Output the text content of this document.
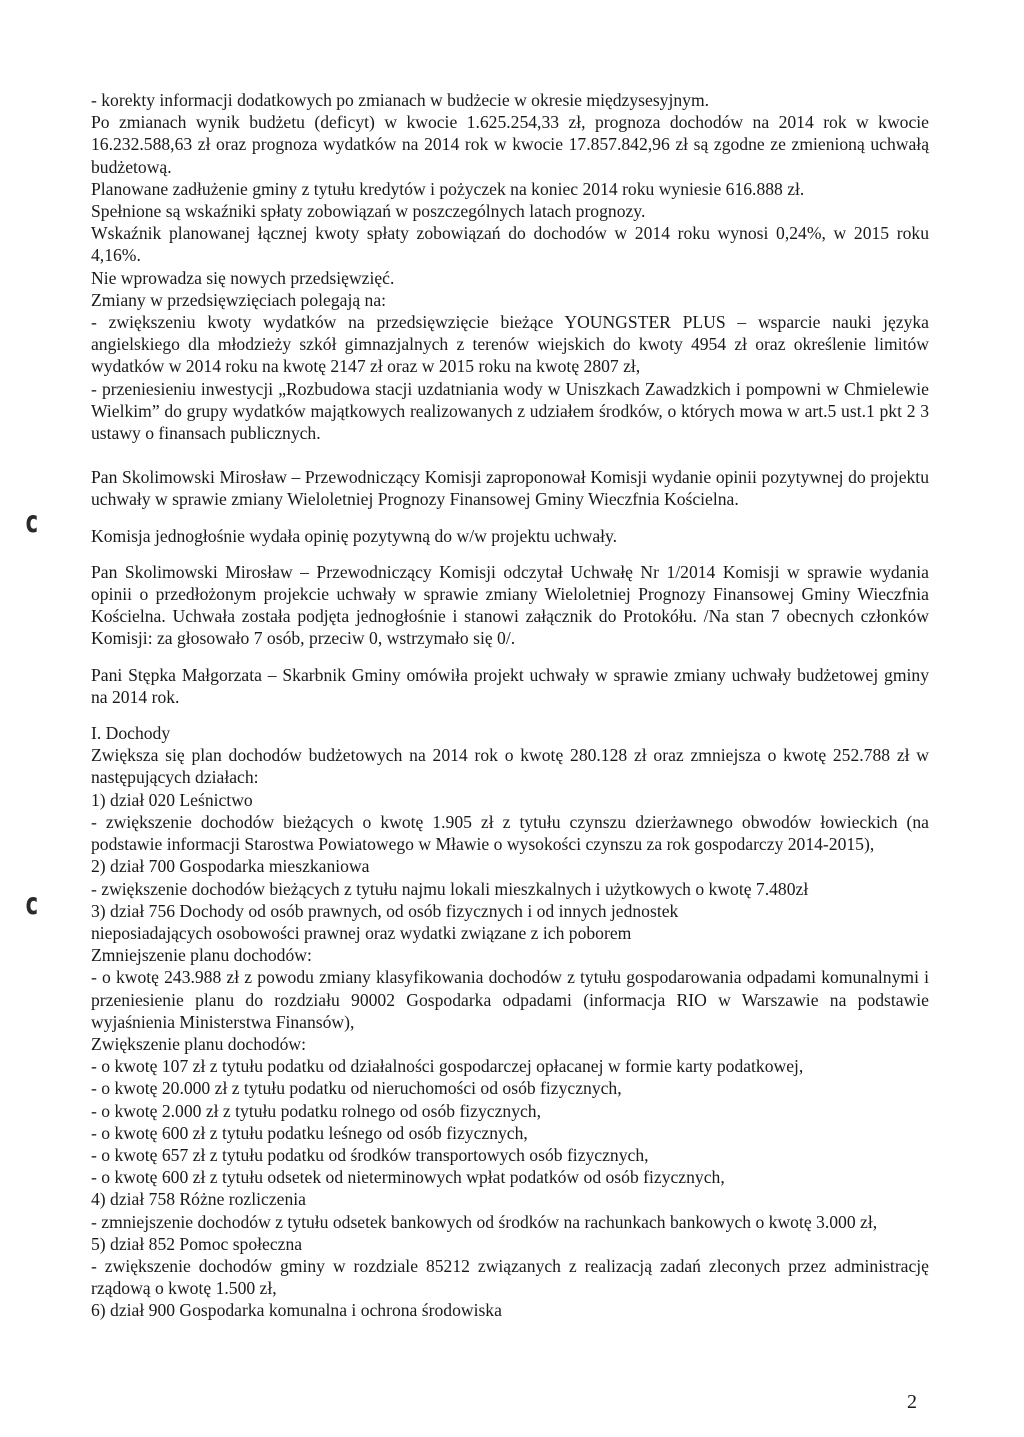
c
c

- korekty informacji dodatkowych po zmianach w budżecie w okresie międzysesyjnym.

Po zmianach wynik budżetu (deficyt) w kwocie 1.625.254,33 zł, prognoza dochodów na 2014 rok w kwocie 16.232.588,63 zł oraz prognoza wydatków na 2014 rok w kwocie 17.857.842,96 zł są zgodne ze zmienioną uchwałą budżetową.

Planowane zadłużenie gminy z tytułu kredytów i pożyczek na koniec 2014 roku wyniesie 616.888 zł.

Spełnione są wskaźniki spłaty zobowiązań w poszczególnych latach prognozy.

Wskaźnik planowanej łącznej kwoty spłaty zobowiązań do dochodów w 2014 roku wynosi 0,24%, w 2015 roku 4,16%.

Nie wprowadza się nowych przedsięwzięć.

Zmiany w przedsięwzięciach polegają na:

- zwiększeniu kwoty wydatków na przedsięwzięcie bieżące YOUNGSTER PLUS – wsparcie nauki języka angielskiego dla młodzieży szkół gimnazjalnych z terenów wiejskich do kwoty 4954 zł oraz określenie limitów wydatków w 2014 roku na kwotę 2147 zł oraz w 2015 roku na kwotę 2807 zł,

- przeniesieniu inwestycji „Rozbudowa stacji uzdatniania wody w Uniszkach Zawadzkich i pompowni w Chmielewie Wielkim” do grupy wydatków majątkowych realizowanych z udziałem środków, o których mowa w art.5 ust.1 pkt 2 3 ustawy o finansach publicznych.

Pan Skolimowski Mirosław – Przewodniczący Komisji zaproponował Komisji wydanie opinii pozytywnej do projektu uchwały w sprawie zmiany Wieloletniej Prognozy Finansowej Gminy Wieczfnia Kościelna.

Komisja jednogłośnie wydała opinię pozytywną do w/w projektu uchwały.

Pan Skolimowski Mirosław – Przewodniczący Komisji odczytał Uchwałę Nr 1/2014 Komisji w sprawie wydania opinii o przedłożonym projekcie uchwały w sprawie zmiany Wieloletniej Prognozy Finansowej Gminy Wieczfnia Kościelna. Uchwała została podjęta jednogłośnie i stanowi załącznik do Protokółu. /Na stan 7 obecnych członków Komisji: za głosowało 7 osób, przeciw 0, wstrzymało się 0/.

Pani Stępka Małgorzata – Skarbnik Gminy omówiła projekt uchwały w sprawie zmiany uchwały budżetowej gminy na 2014 rok.

I. Dochody

Zwiększa się plan dochodów budżetowych na 2014 rok o kwotę 280.128 zł oraz zmniejsza o kwotę 252.788 zł w następujących działach:

1) dział 020 Leśnictwo

- zwiększenie dochodów bieżących o kwotę 1.905 zł z tytułu czynszu dzierżawnego obwodów łowieckich (na podstawie informacji Starostwa Powiatowego w Mławie o wysokości czynszu za rok gospodarczy 2014-2015),

2) dział 700 Gospodarka mieszkaniowa

- zwiększenie dochodów bieżących z tytułu najmu lokali mieszkalnych i użytkowych o kwotę 7.480zł

3) dział 756 Dochody od osób prawnych, od osób fizycznych i od innych jednostek

nieposiadających osobowości prawnej oraz wydatki związane z ich poborem

Zmniejszenie planu dochodów:

- o kwotę 243.988 zł z powodu zmiany klasyfikowania dochodów z tytułu gospodarowania odpadami komunalnymi i przeniesienie planu do rozdziału 90002 Gospodarka odpadami (informacja RIO w Warszawie na podstawie wyjaśnienia Ministerstwa Finansów),

Zwiększenie planu dochodów:

- o kwotę 107 zł z tytułu podatku od działalności gospodarczej opłacanej w formie karty podatkowej,

- o kwotę 20.000 zł z tytułu podatku od nieruchomości od osób fizycznych,

- o kwotę 2.000 zł z tytułu podatku rolnego od osób fizycznych,

- o kwotę 600 zł z tytułu podatku leśnego od osób fizycznych,

- o kwotę 657 zł z tytułu podatku od środków transportowych osób fizycznych,

- o kwotę 600 zł z tytułu odsetek od nieterminowych wpłat podatków od osób fizycznych,

4) dział 758 Różne rozliczenia

- zmniejszenie dochodów z tytułu odsetek bankowych od środków na rachunkach bankowych o kwotę 3.000 zł,

5) dział 852 Pomoc społeczna

- zwiększenie dochodów gminy w rozdziale 85212 związanych z realizacją zadań zleconych przez administrację rządową o kwotę 1.500 zł,

6) dział 900 Gospodarka komunalna i ochrona środowiska

2
